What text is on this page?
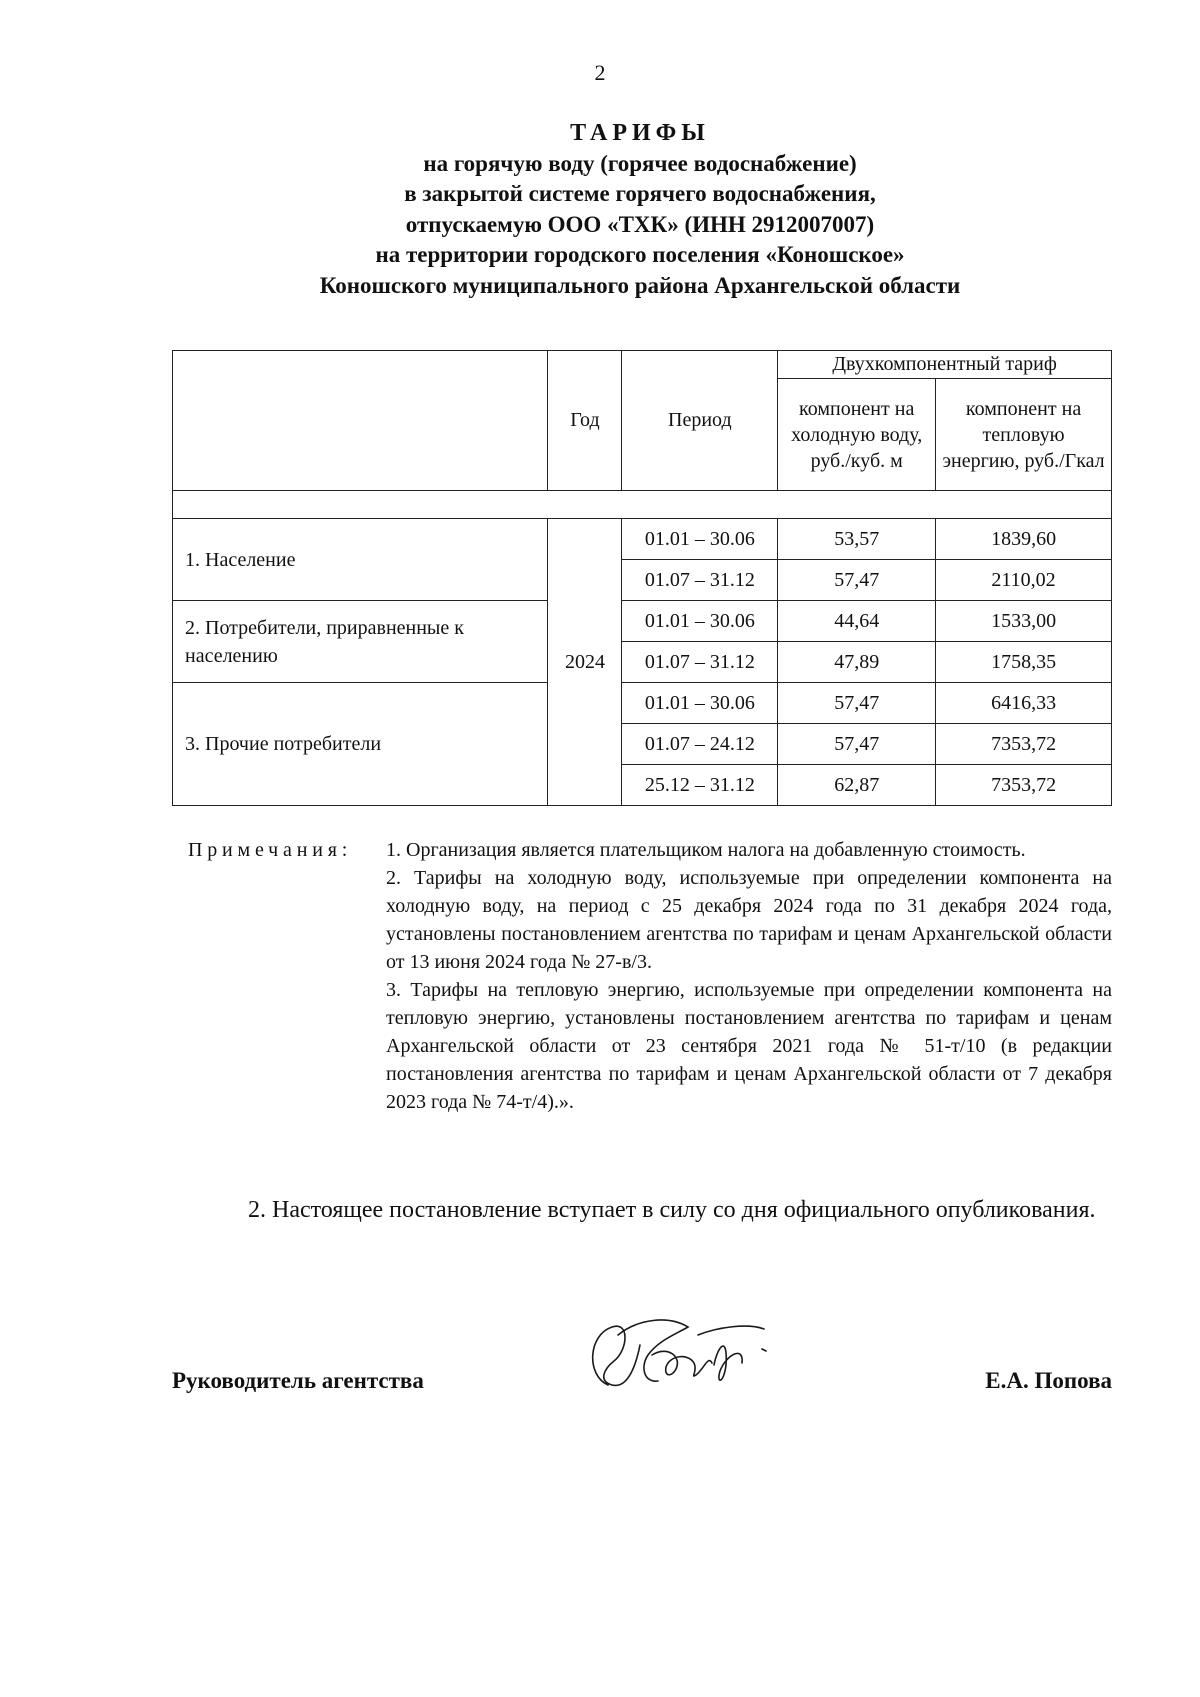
2
ТАРИФЫ
на горячую воду (горячее водоснабжение)
в закрытой системе горячего водоснабжения,
отпускаемую ООО «ТХК» (ИНН 2912007007)
на территории городского поселения «Коношское»
Коношского муниципального района Архангельской области
	Год	Период	Двухкомпонентный тариф	
			компонент на холодную воду, руб./куб. м	компонент на тепловую энергию, руб./Гкал

1. Население	2024	01.01 – 30.06	53,57	1839,60
		01.07 – 31.12	57,47	2110,02
2. Потребители, приравненные к населению		01.01 – 30.06	44,64	1533,00
		01.07 – 31.12	47,89	1758,35
3. Прочие потребители		01.01 – 30.06	57,47	6416,33
		01.07 – 24.12	57,47	7353,72
		25.12 – 31.12	62,87	7353,72
Примечания: 1. Организация является плательщиком налога на добавленную стоимость.

2. Тарифы на холодную воду, используемые при определении компонента на холодную воду, на период с 25 декабря 2024 года по 31 декабря 2024 года, установлены постановлением агентства по тарифам и ценам Архангельской области от 13 июня 2024 года № 27-в/3.

3. Тарифы на тепловую энергию, используемые при определении компонента на тепловую энергию, установлены постановлением агентства по тарифам и ценам Архангельской области от 23 сентября 2021 года № 51-т/10 (в редакции постановления агентства по тарифам и ценам Архангельской области от 7 декабря 2023 года № 74-т/4).».

2. Настоящее постановление вступает в силу со дня официального опубликования.

Руководитель агентства	Е.А. Попова
